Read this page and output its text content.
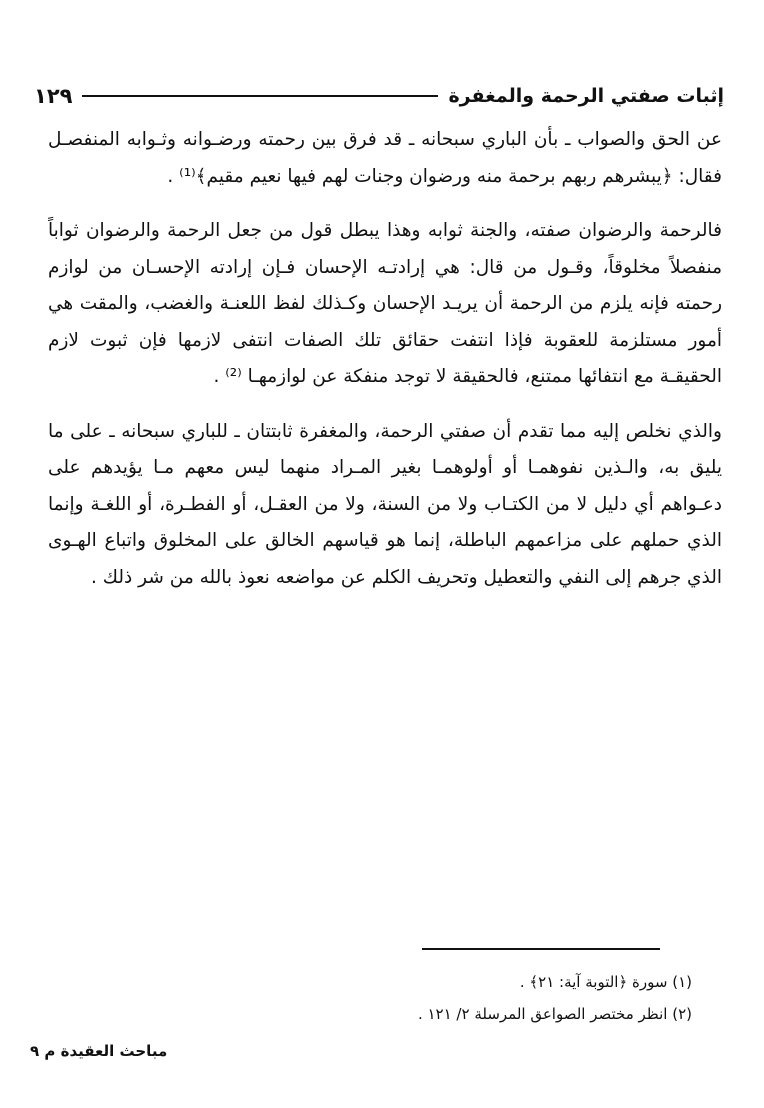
إثبات صفتي الرحمة والمغفرة
١٢٩

عن الحق والصواب ـ بأن الباري سبحانه ـ قد فرق بين رحمته ورضـوانه وثـوابه المنفصـل فقال: ﴿يبشرهم ربهم برحمة منه ورضوان وجنات لهم فيها نعيم مقيم﴾⁽¹⁾ .

فالرحمة والرضوان صفته، والجنة ثوابه وهذا يبطل قول من جعل الرحمة والرضوان ثواباً منفصلاً مخلوقاً، وقـول من قال: هي إرادتـه الإحسان فـإن إرادته الإحسـان من لوازم رحمته فإنه يلزم من الرحمة أن يريـد الإحسان وكـذلك لفظ اللعنـة والغضب، والمقت هي أمور مستلزمة للعقوبة فإذا انتفت حقائق تلك الصفات انتفى لازمها فإن ثبوت لازم الحقيقـة مع انتفائها ممتنع، فالحقيقة لا توجد منفكة عن لوازمهـا ⁽²⁾ .

والذي نخلص إليه مما تقدم أن صفتي الرحمة، والمغفرة ثابتتان ـ للباري سبحانه ـ على ما يليق به، والـذين نفوهمـا أو أولوهمـا بغير المـراد منهما ليس معهم مـا يؤيدهم على دعـواهم أي دليل لا من الكتـاب ولا من السنة، ولا من العقـل، أو الفطـرة، أو اللغـة وإنما الذي حملهم على مزاعمهم الباطلة، إنما هو قياسهم الخالق على المخلوق واتباع الهـوى الذي جرهم إلى النفي والتعطيل وتحريف الكلم عن مواضعه نعوذ بالله من شر ذلك .

(١) سورة ﴿التوبة آية: ٢١﴾ .
(٢) انظر مختصر الصواعق المرسلة ٢/ ١٢١ .
مباحث العقيدة م ٩
